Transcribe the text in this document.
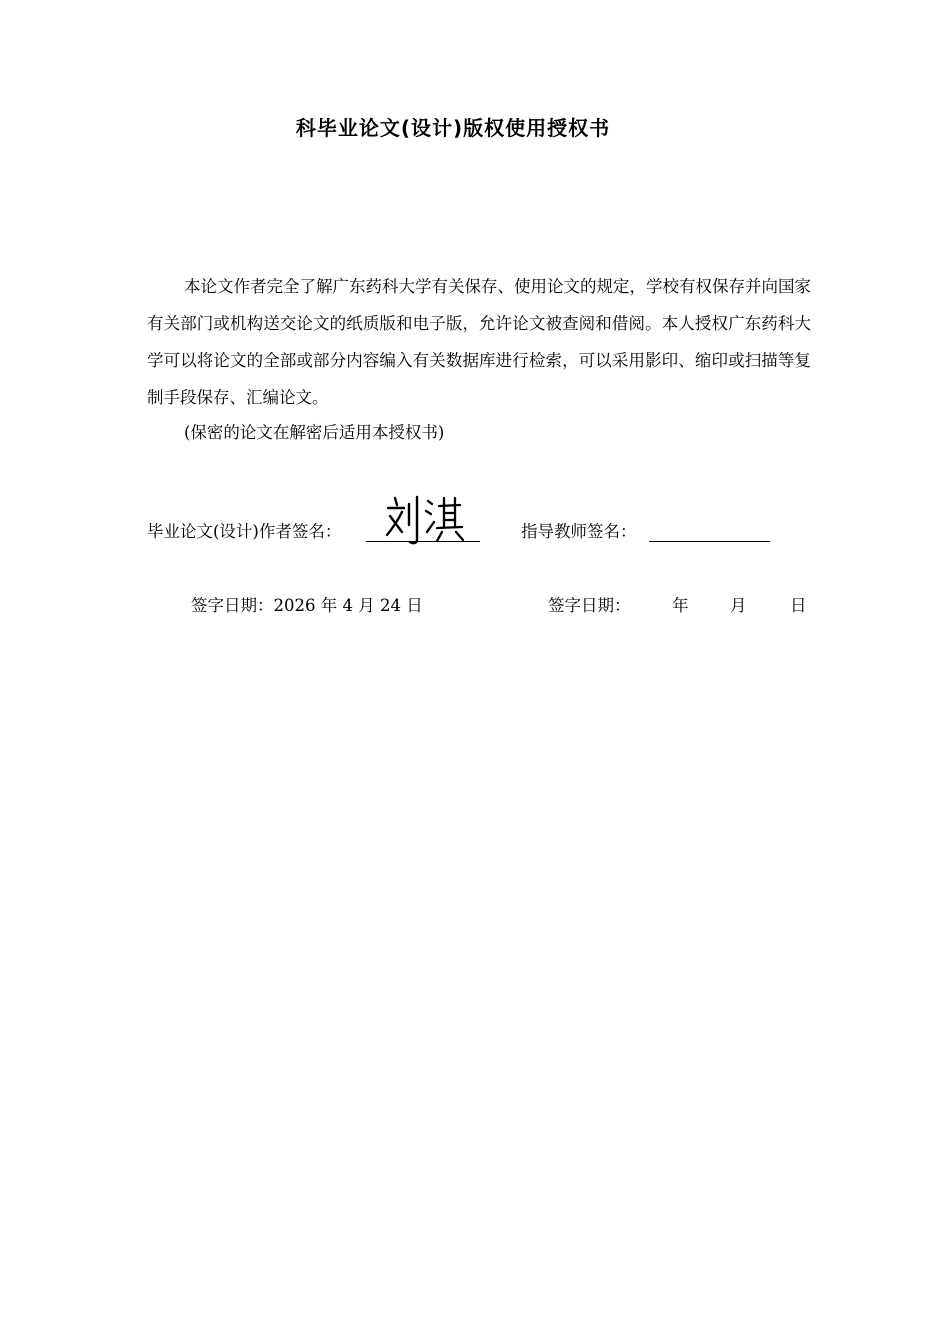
科毕业论文(设计)版权使用授权书

本论文作者完全了解广东药科大学有关保存、使用论文的规定，学校有权保存并向国家有关部门或机构送交论文的纸质版和电子版，允许论文被查阅和借阅。本人授权广东药科大学可以将论文的全部或部分内容编入有关数据库进行检索，可以采用影印、缩印或扫描等复制手段保存、汇编论文。

(保密的论文在解密后适用本授权书)
毕业论文(设计)作者签名：	指导教师签名：
签字日期：2026 年 4 月 24 日	签字日期：	年	月	日
